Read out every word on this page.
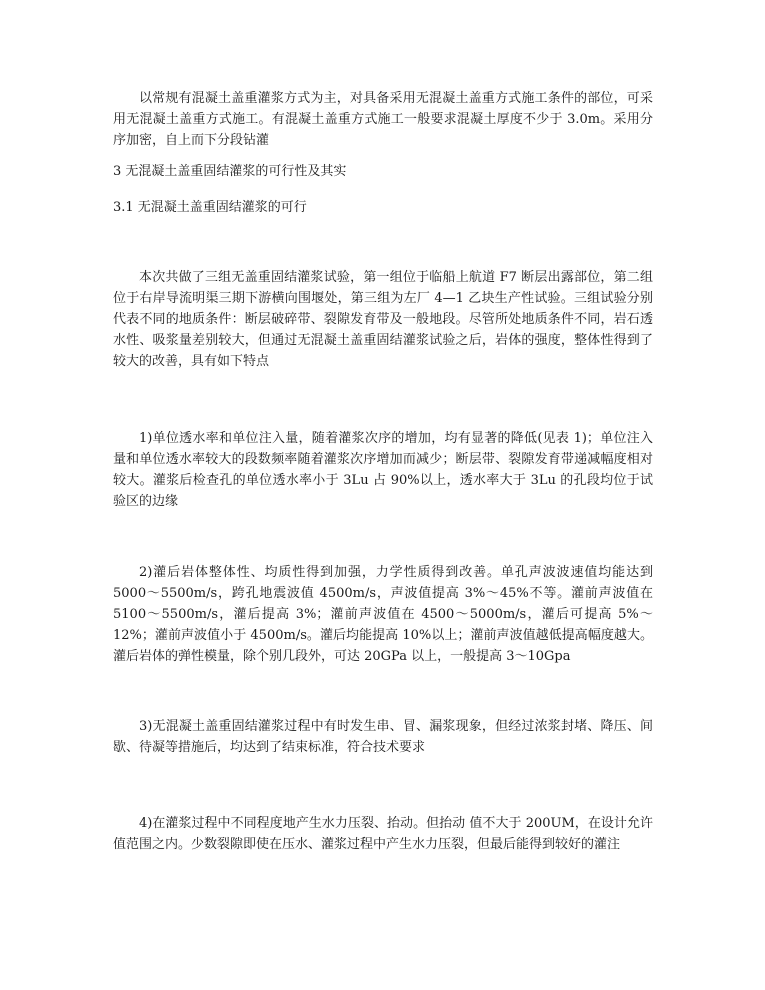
以常规有混凝土盖重灌浆方式为主，对具备采用无混凝土盖重方式施工条件的部位，可采用无混凝土盖重方式施工。有混凝土盖重方式施工一般要求混凝土厚度不少于 3.0m。采用分序加密，自上而下分段钻灌

3 无混凝土盖重固结灌浆的可行性及其实

3.1 无混凝土盖重固结灌浆的可行

本次共做了三组无盖重固结灌浆试验，第一组位于临船上航道 F7 断层出露部位，第二组位于右岸导流明渠三期下游横向围堰处，第三组为左厂 4—1 乙块生产性试验。三组试验分别代表不同的地质条件：断层破碎带、裂隙发育带及一般地段。尽管所处地质条件不同，岩石透水性、吸浆量差别较大，但通过无混凝土盖重固结灌浆试验之后，岩体的强度，整体性得到了较大的改善，具有如下特点

1)单位透水率和单位注入量，随着灌浆次序的增加，均有显著的降低(见表 1)；单位注入量和单位透水率较大的段数频率随着灌浆次序增加而减少；断层带、裂隙发育带递减幅度相对较大。灌浆后检查孔的单位透水率小于 3Lu 占 90%以上，透水率大于 3Lu 的孔段均位于试验区的边缘

2)灌后岩体整体性、均质性得到加强，力学性质得到改善。单孔声波波速值均能达到 5000～5500m/s，跨孔地震波值 4500m/s，声波值提高 3%～45%不等。灌前声波值在 5100～5500m/s，灌后提高 3%；灌前声波值在 4500～5000m/s，灌后可提高 5%～12%；灌前声波值小于 4500m/s。灌后均能提高 10%以上；灌前声波值越低提高幅度越大。灌后岩体的弹性模量，除个别几段外，可达 20GPa 以上，一般提高 3～10Gpa

3)无混凝土盖重固结灌浆过程中有时发生串、冒、漏浆现象，但经过浓浆封堵、降压、间歇、待凝等措施后，均达到了结束标准，符合技术要求

4)在灌浆过程中不同程度地产生水力压裂、抬动。但抬动 值不大于 200UM，在设计允许值范围之内。少数裂隙即使在压水、灌浆过程中产生水力压裂，但最后能得到较好的灌注
